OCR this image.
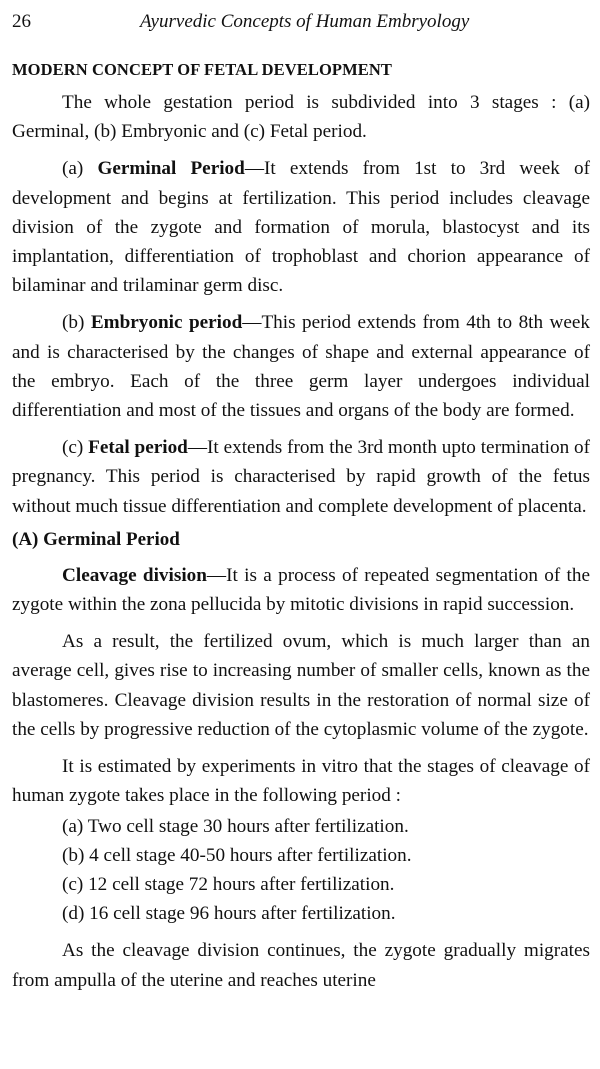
26	Ayurvedic Concepts of Human Embryology
MODERN CONCEPT OF FETAL DEVELOPMENT

The whole gestation period is subdivided into 3 stages : (a) Germinal, (b) Embryonic and (c) Fetal period.

(a) Germinal Period—It extends from 1st to 3rd week of development and begins at fertilization. This period includes cleavage division of the zygote and formation of morula, blastocyst and its implantation, differentiation of trophoblast and chorion appearance of bilaminar and trilaminar germ disc.

(b) Embryonic period—This period extends from 4th to 8th week and is characterised by the changes of shape and external appearance of the embryo. Each of the three germ layer undergoes individual differentiation and most of the tissues and organs of the body are formed.

(c) Fetal period—It extends from the 3rd month upto termination of pregnancy. This period is characterised by rapid growth of the fetus without much tissue differentiation and complete development of placenta.

(A) Germinal Period

Cleavage division—It is a process of repeated segmentation of the zygote within the zona pellucida by mitotic divisions in rapid succession.

As a result, the fertilized ovum, which is much larger than an average cell, gives rise to increasing number of smaller cells, known as the blastomeres. Cleavage division results in the restoration of normal size of the cells by progressive reduction of the cytoplasmic volume of the zygote.

It is estimated by experiments in vitro that the stages of cleavage of human zygote takes place in the following period :

(a) Two cell stage 30 hours after fertilization.
(b) 4 cell stage 40-50 hours after fertilization.
(c) 12 cell stage 72 hours after fertilization.
(d) 16 cell stage 96 hours after fertilization.

As the cleavage division continues, the zygote gradually migrates from ampulla of the uterine and reaches uterine
